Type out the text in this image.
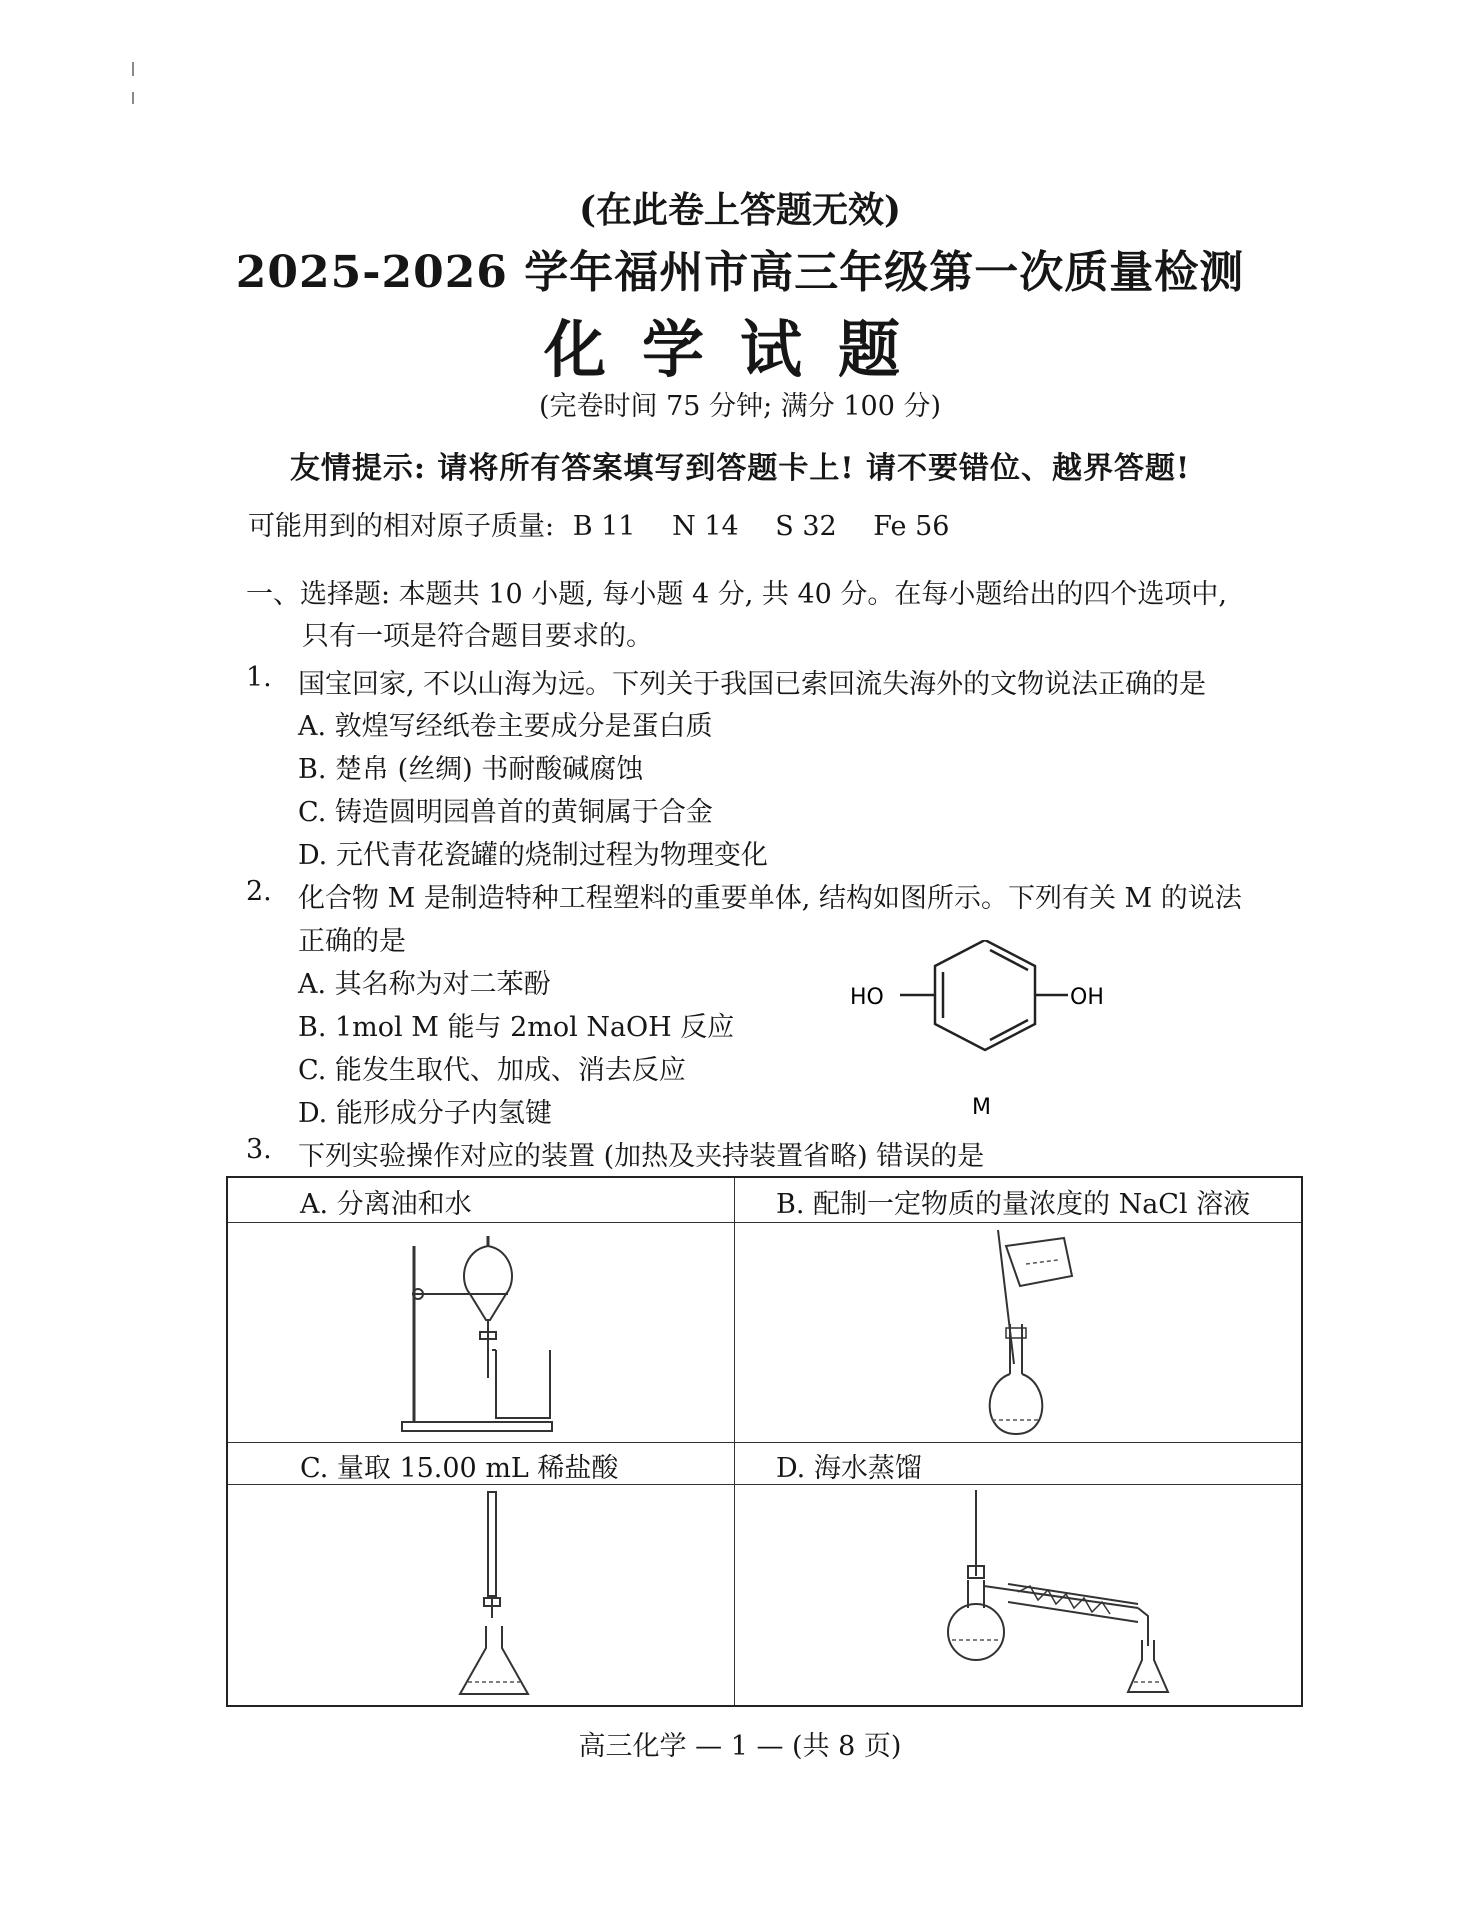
(在此卷上答题无效)
2025-2026 学年福州市高三年级第一次质量检测
化学试题
(完卷时间 75 分钟; 满分 100 分)
友情提示: 请将所有答案填写到答题卡上! 请不要错位、越界答题!
可能用到的相对原子质量: B 11 N 14 S 32 Fe 56
一、选择题: 本题共 10 小题, 每小题 4 分, 共 40 分。在每小题给出的四个选项中,
只有一项是符合题目要求的。
1. 国宝回家, 不以山海为远。下列关于我国已索回流失海外的文物说法正确的是
A. 敦煌写经纸卷主要成分是蛋白质
B. 楚帛 (丝绸) 书耐酸碱腐蚀
C. 铸造圆明园兽首的黄铜属于合金
D. 元代青花瓷罐的烧制过程为物理变化
2. 化合物 M 是制造特种工程塑料的重要单体, 结构如图所示。下列有关 M 的说法
正确的是
A. 其名称为对二苯酚
B. 1mol M 能与 2mol NaOH 反应
C. 能发生取代、加成、消去反应
D. 能形成分子内氢键
HO	OH
M
3. 下列实验操作对应的装置 (加热及夹持装置省略) 错误的是
A. 分离油和水	B. 配制一定物质的量浓度的 NaCl 溶液
C. 量取 15.00 mL 稀盐酸	D. 海水蒸馏
高三化学 — 1 — (共 8 页)
